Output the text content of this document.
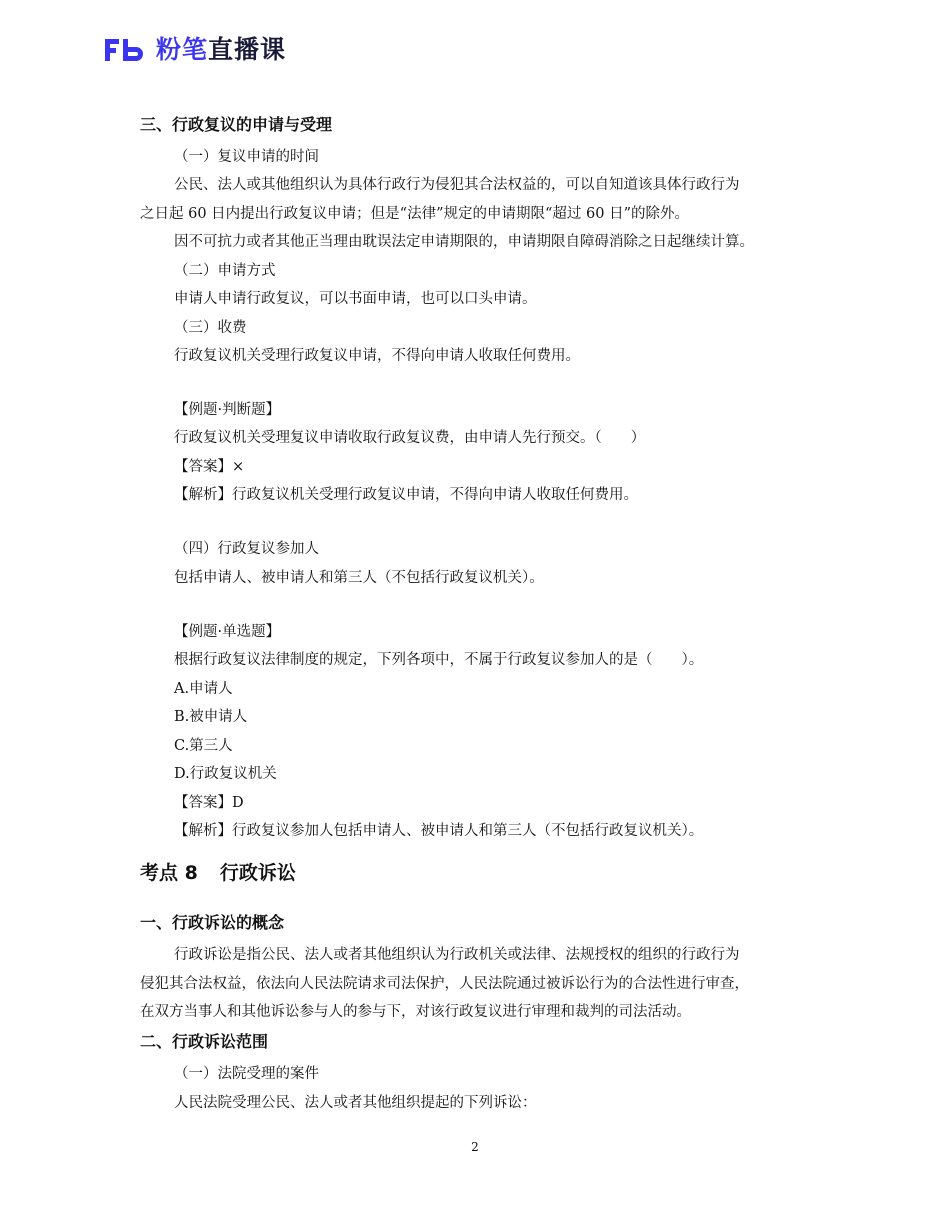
粉笔直播课
三、行政复议的申请与受理
（一）复议申请的时间
公民、法人或其他组织认为具体行政行为侵犯其合法权益的，可以自知道该具体行政行为
之日起 60 日内提出行政复议申请；但是“法律”规定的申请期限“超过 60 日”的除外。
因不可抗力或者其他正当理由耽误法定申请期限的，申请期限自障碍消除之日起继续计算。
（二）申请方式
申请人申请行政复议，可以书面申请，也可以口头申请。
（三）收费
行政复议机关受理行政复议申请，不得向申请人收取任何费用。
【例题·判断题】
行政复议机关受理复议申请收取行政复议费，由申请人先行预交。（　　）
【答案】×
【解析】行政复议机关受理行政复议申请，不得向申请人收取任何费用。
（四）行政复议参加人
包括申请人、被申请人和第三人（不包括行政复议机关）。
【例题·单选题】
根据行政复议法律制度的规定，下列各项中，不属于行政复议参加人的是（　　）。
A.申请人
B.被申请人
C.第三人
D.行政复议机关
【答案】D
【解析】行政复议参加人包括申请人、被申请人和第三人（不包括行政复议机关）。
考点 8 行政诉讼
一、行政诉讼的概念
行政诉讼是指公民、法人或者其他组织认为行政机关或法律、法规授权的组织的行政行为
侵犯其合法权益，依法向人民法院请求司法保护，人民法院通过被诉讼行为的合法性进行审查，
在双方当事人和其他诉讼参与人的参与下，对该行政复议进行审理和裁判的司法活动。
二、行政诉讼范围
（一）法院受理的案件
人民法院受理公民、法人或者其他组织提起的下列诉讼：
2
